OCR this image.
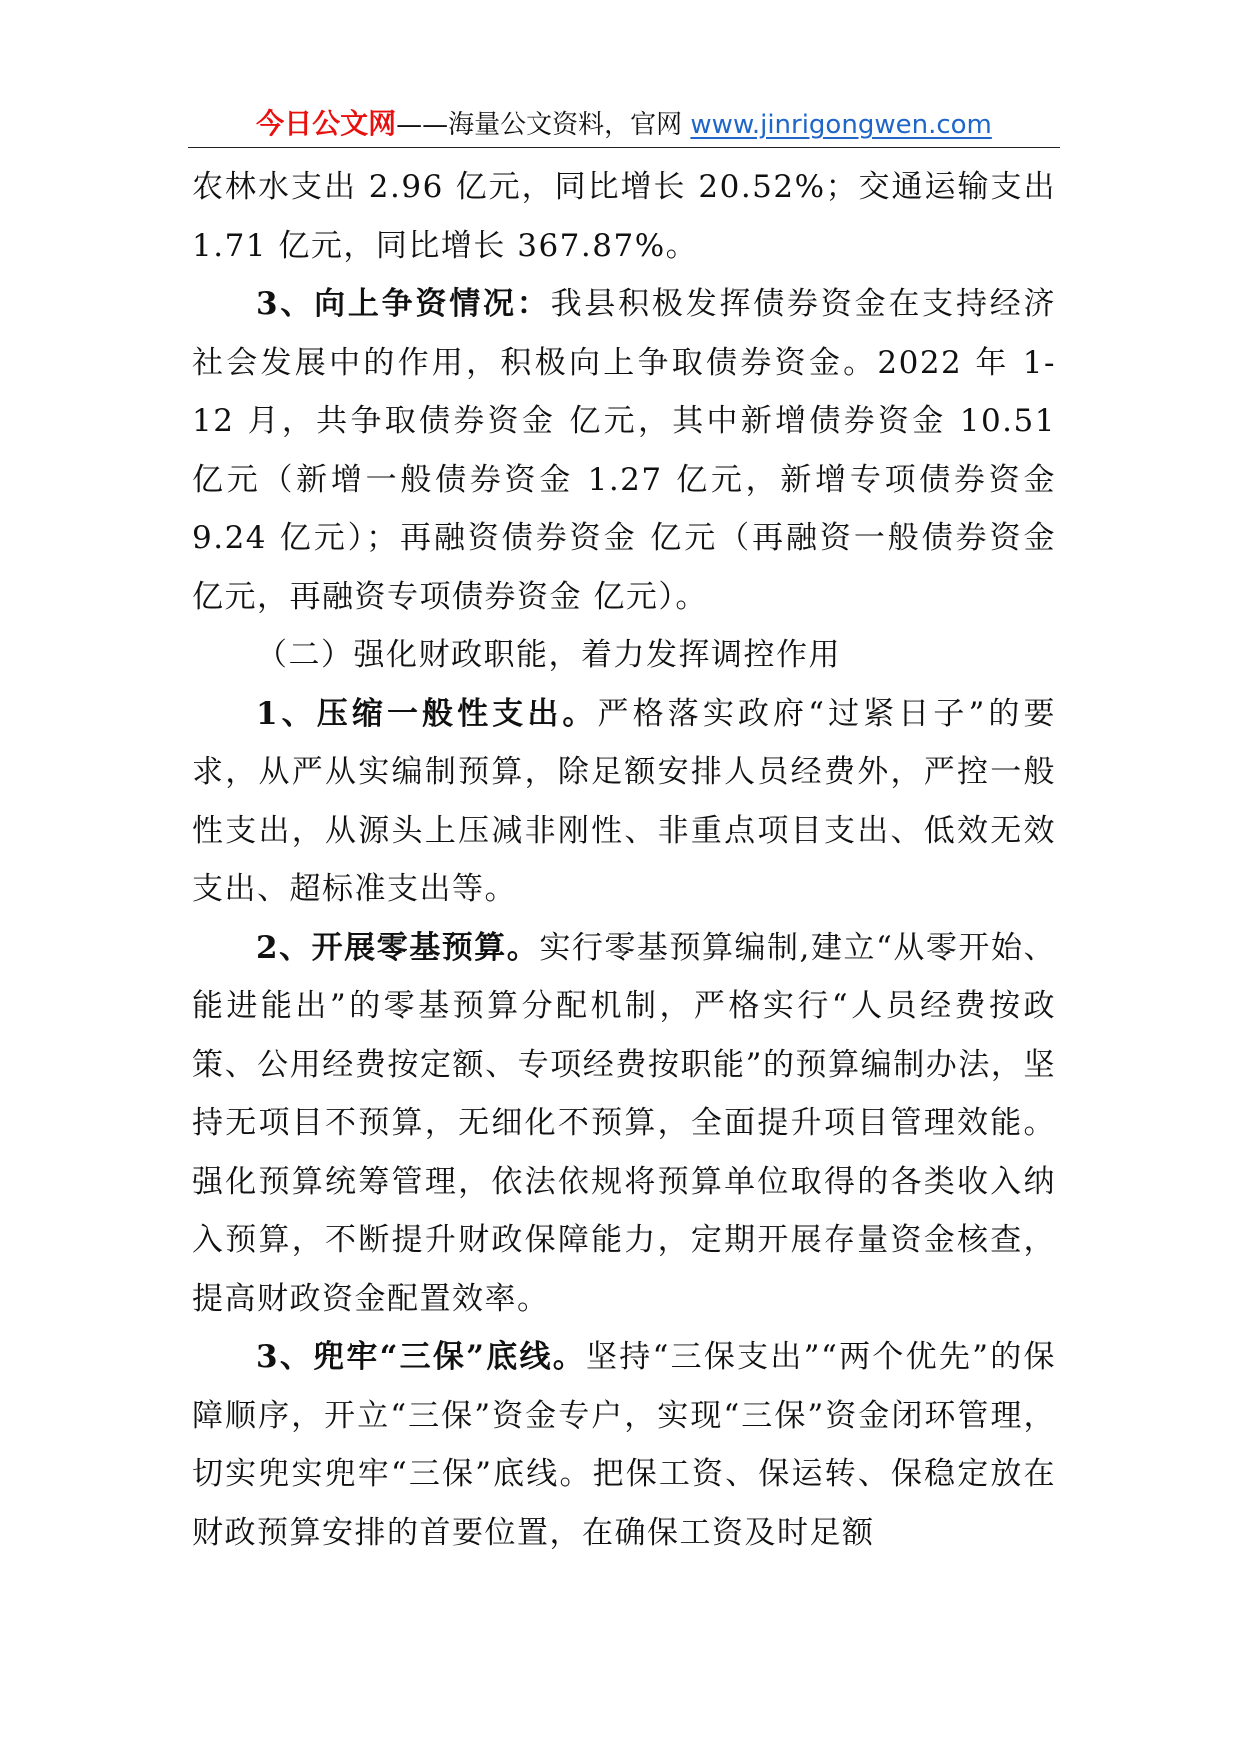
今日公文网——海量公文资料，官网 www.jinrigongwen.com

农林水支出 2.96 亿元，同比增长 20.52%；交通运输支出 1.71 亿元，同比增长 367.87%。

3、向上争资情况：我县积极发挥债券资金在支持经济社会发展中的作用，积极向上争取债券资金。2022 年 1-12 月，共争取债券资金 亿元，其中新增债券资金 10.51 亿元（新增一般债券资金 1.27 亿元，新增专项债券资金 9.24 亿元）；再融资债券资金 亿元（再融资一般债券资金 亿元，再融资专项债券资金 亿元）。

（二）强化财政职能，着力发挥调控作用

1、压缩一般性支出。严格落实政府“过紧日子”的要求，从严从实编制预算，除足额安排人员经费外，严控一般性支出，从源头上压减非刚性、非重点项目支出、低效无效支出、超标准支出等。

2、开展零基预算。实行零基预算编制,建立“从零开始、能进能出”的零基预算分配机制，严格实行“人员经费按政策、公用经费按定额、专项经费按职能”的预算编制办法，坚持无项目不预算，无细化不预算，全面提升项目管理效能。强化预算统筹管理，依法依规将预算单位取得的各类收入纳入预算，不断提升财政保障能力，定期开展存量资金核查，提高财政资金配置效率。

3、兜牢“三保”底线。坚持“三保支出”“两个优先”的保障顺序，开立“三保”资金专户，实现“三保”资金闭环管理，切实兜实兜牢“三保”底线。把保工资、保运转、保稳定放在财政预算安排的首要位置，在确保工资及时足额
